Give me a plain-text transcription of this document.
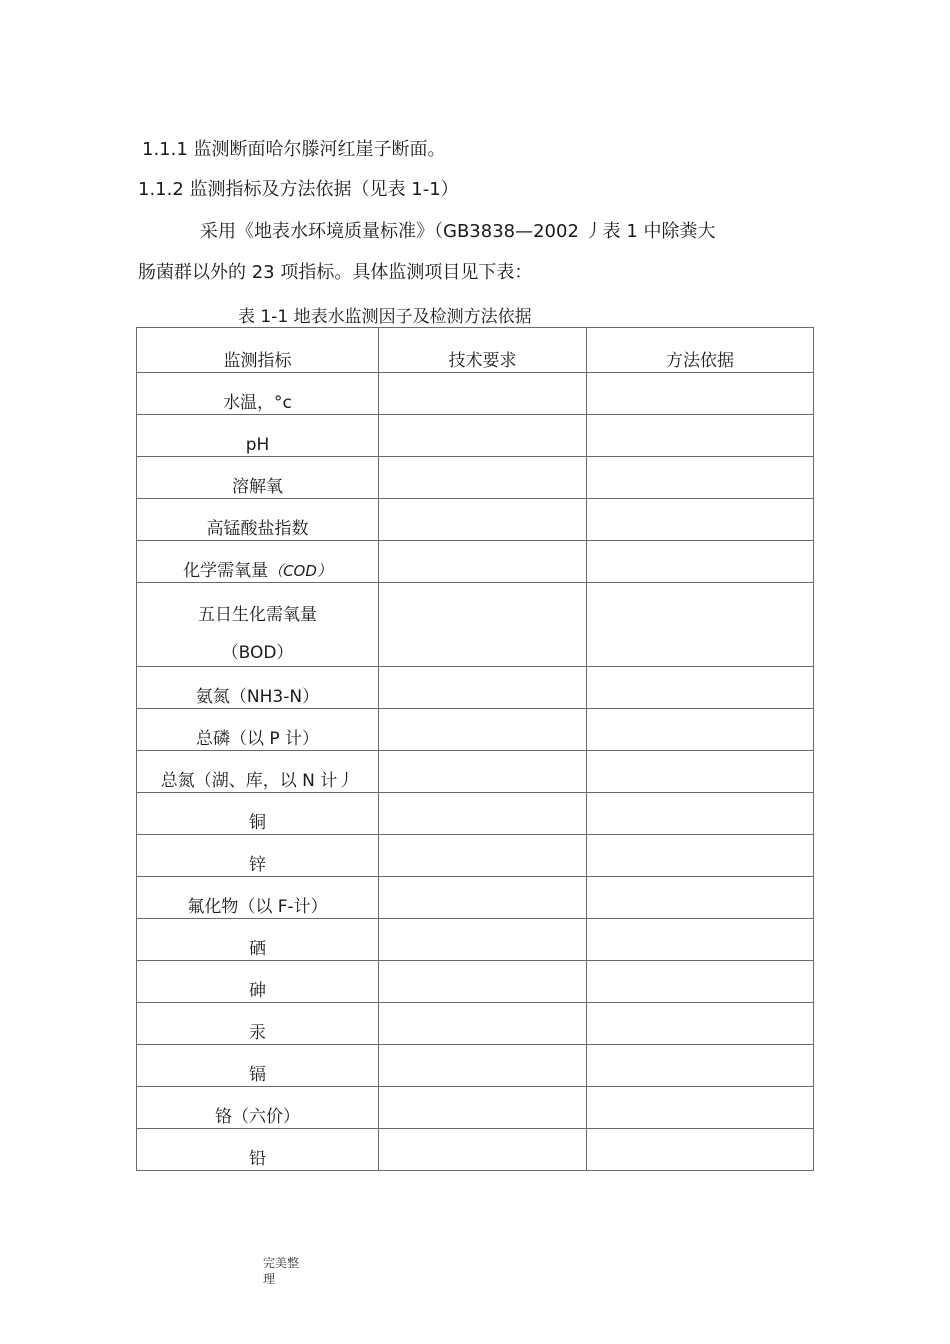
1.1.1 监测断面哈尔滕河红崖子断面。
1.1.2 监测指标及方法依据（见表 1-1）
采用《地表水环境质量标准》（GB3838—2002 丿表 1 中除粪大
肠菌群以外的 23 项指标。具体监测项目见下表：
表 1-1 地表水监测因子及检测方法依据
监测指标	技术要求	方法依据
水温，°c		
pH		
溶解氧		
高锰酸盐指数		
化学需氧量（COD）		

五日生化需氧量
（BOD）		

氨氮（NH3-N）		
总磷（以 P 计）		
总氮（湖、库，以 N 计丿		
铜		
锌		
氟化物（以 F-计）		
硒		
砷		
汞		
镉		
铬（六价）		
铅		
完美整理
